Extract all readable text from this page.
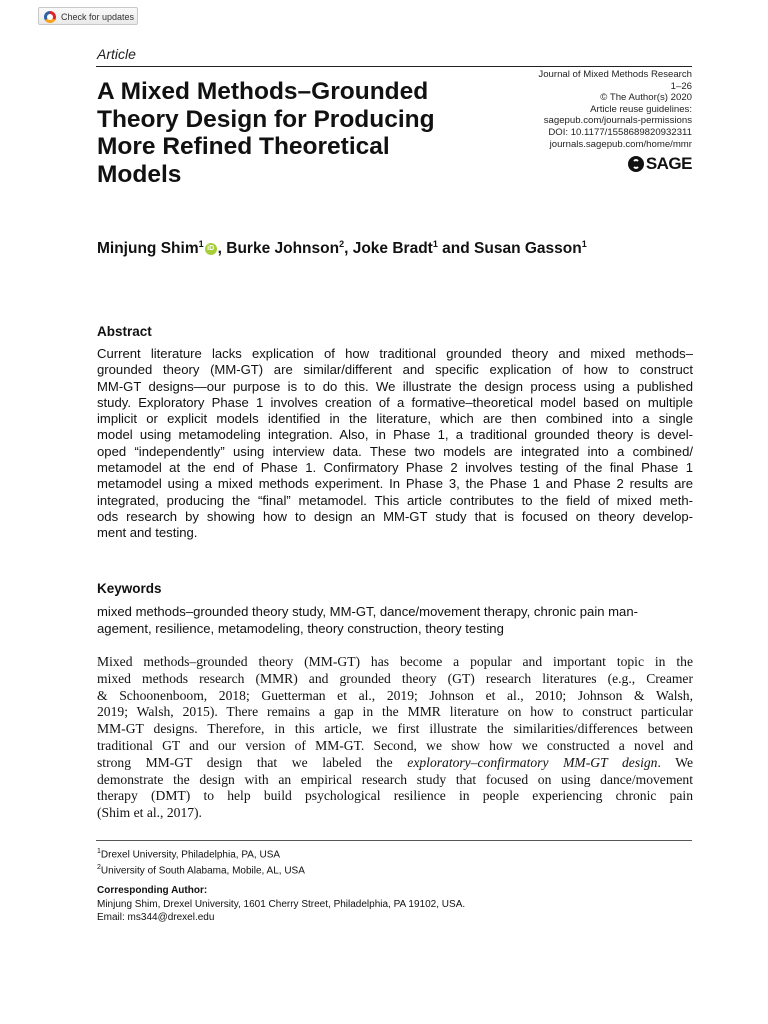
Check for updates
Article
A Mixed Methods–Grounded
Theory Design for Producing
More Refined Theoretical
Models
Journal of Mixed Methods Research
1–26
© The Author(s) 2020
Article reuse guidelines:
sagepub.com/journals-permissions
DOI: 10.1177/1558689820932311
journals.sagepub.com/home/mmr
SAGE
Minjung Shim$^1$ iD , Burke Johnson$^2$, Joke Bradt$^1$ and Susan Gasson$^1$
Abstract
Current literature lacks explication of how traditional grounded theory and mixed methods–
grounded theory (MM-GT) are similar/different and specific explication of how to construct
MM-GT designs—our purpose is to do this. We illustrate the design process using a published
study. Exploratory Phase 1 involves creation of a formative–theoretical model based on multiple
implicit or explicit models identified in the literature, which are then combined into a single
model using metamodeling integration. Also, in Phase 1, a traditional grounded theory is devel-
oped “independently” using interview data. These two models are integrated into a combined/
metamodel at the end of Phase 1. Confirmatory Phase 2 involves testing of the final Phase 1
metamodel using a mixed methods experiment. In Phase 3, the Phase 1 and Phase 2 results are
integrated, producing the “final” metamodel. This article contributes to the field of mixed meth-
ods research by showing how to design an MM-GT study that is focused on theory develop-
ment and testing.
Keywords
mixed methods–grounded theory study, MM-GT, dance/movement therapy, chronic pain man-
agement, resilience, metamodeling, theory construction, theory testing
Mixed methods–grounded theory (MM-GT) has become a popular and important topic in the
mixed methods research (MMR) and grounded theory (GT) research literatures (e.g., Creamer
& Schoonenboom, 2018; Guetterman et al., 2019; Johnson et al., 2010; Johnson & Walsh,
2019; Walsh, 2015). There remains a gap in the MMR literature on how to construct particular
MM-GT designs. Therefore, in this article, we first illustrate the similarities/differences between
traditional GT and our version of MM-GT. Second, we show how we constructed a novel and
strong MM-GT design that we labeled the exploratory–confirmatory MM-GT design. We
demonstrate the design with an empirical research study that focused on using dance/movement
therapy (DMT) to help build psychological resilience in people experiencing chronic pain
(Shim et al., 2017).
$^1$Drexel University, Philadelphia, PA, USA
$^2$University of South Alabama, Mobile, AL, USA
Corresponding Author:
Minjung Shim, Drexel University, 1601 Cherry Street, Philadelphia, PA 19102, USA.
Email: ms344@drexel.edu
